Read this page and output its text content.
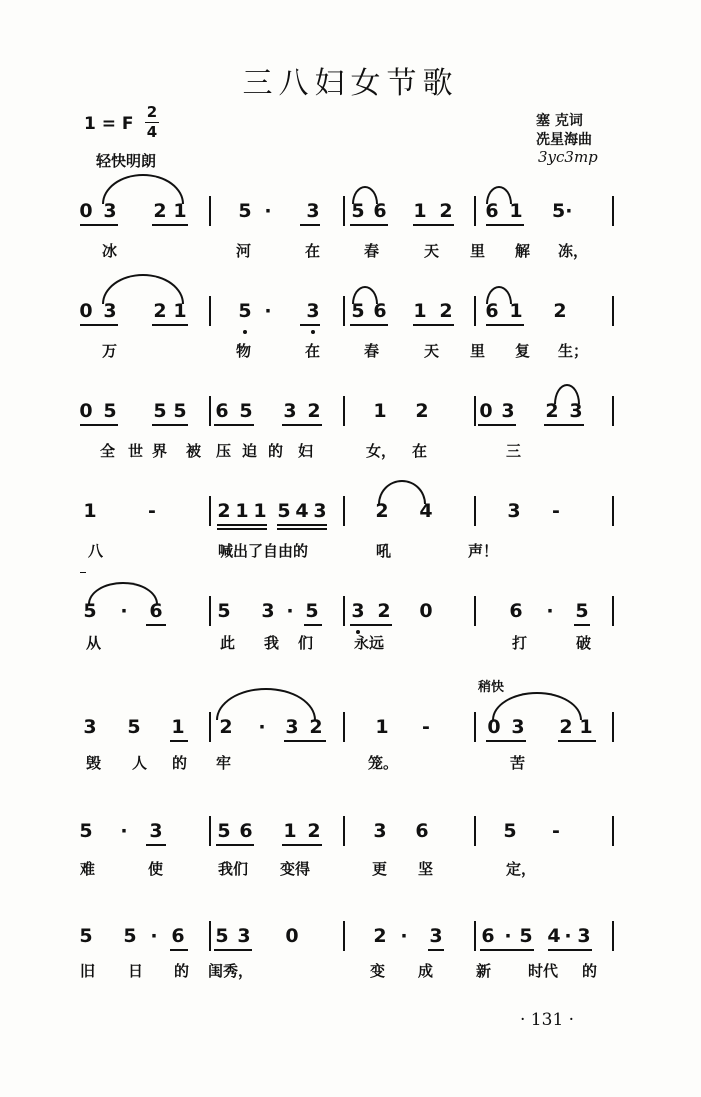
三八妇女节歌
1 = F
2
4
轻快明朗
塞 克词
冼星海曲
3yc3mp
0 3 2 1	5 · 3 5 6 1 2 6 1 5·
冰	河	在	春	天 里 解 冻，
0 3 2 1	5 · 3 5 6 1 2 6 1 2
万	物	在	春	天 里 复 生；
0 5 5 5 6 5 3 2	1 2	0 3 2 3
全 世 界 被 压 迫 的 妇	女， 在	三
1	-	2 1 1 5 4 3	2 4	3 -
八	喊出了自由的	吼	声！
5 · 6	5 3 · 5 3 2 0	6 · 5
从	此 我 们	永远	打	破
3 5 1 2 · 3 2	1 -	0 3 2 1
毁 人 的 牢	笼。	苦
5 · 3	5 6 1 2	3 6	5 -
难	使	我们 变得	更 坚	定，
5 5 · 6 5 3 0	2 · 3 6 · 5 4 · 3
旧 日 的 闺秀，	变 成	新 时代 的
稍快
· 131 ·
